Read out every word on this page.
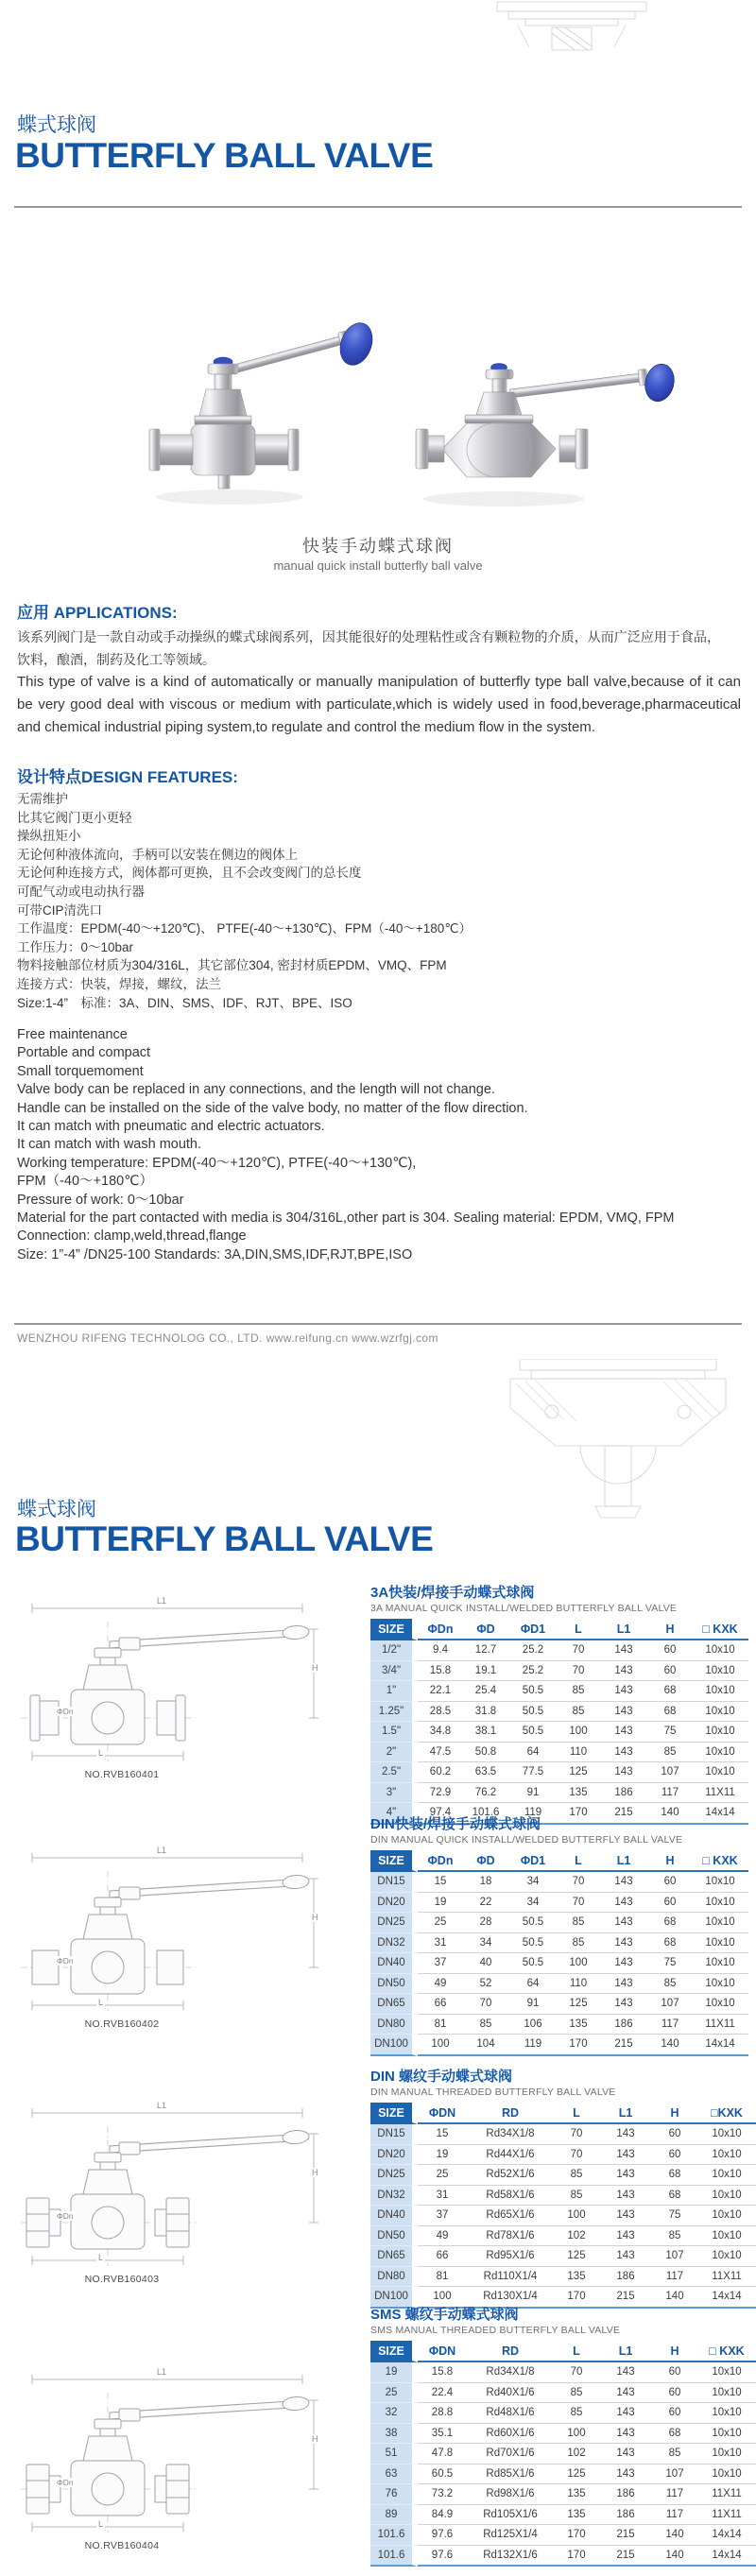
蝶式球阀
BUTTERFLY BALL VALVE
快装手动蝶式球阀
manual quick install butterfly ball valve
应用 APPLICATIONS:
该系列阀门是一款自动或手动操纵的蝶式球阀系列，因其能很好的处理粘性或含有颗粒物的介质，从而广泛应用于食品，饮料，酿酒，制药及化工等领域。
This type of valve is a kind of automatically or manually manipulation of butterfly type ball valve,because of it can be very good deal with viscous or medium with particulate,which is widely used in food,beverage,pharmaceutical and chemical industrial piping system,to regulate and control the medium flow in the system.
设计特点DESIGN FEATURES:
无需维护
比其它阀门更小更轻
操纵扭矩小
无论何种液体流向，手柄可以安装在侧边的阀体上
无论何种连接方式，阀体都可更换，且不会改变阀门的总长度
可配气动或电动执行器
可带CIP清洗口
工作温度：EPDM(-40～+120℃)、 PTFE(-40～+130℃)、FPM（-40～+180℃）
工作压力：0～10bar
物料接触部位材质为304/316L，其它部位304, 密封材质EPDM、VMQ、FPM
连接方式：快装，焊接，螺纹，法兰
Size:1-4”　标准：3A、DIN、SMS、IDF、RJT、BPE、ISO
Free maintenance
Portable and compact
Small torquemoment
Valve body can be replaced in any connections, and the length will not change.
Handle can be installed on the side of the valve body, no matter of the flow direction.
It can match with pneumatic and electric actuators.
It can match with wash mouth.
Working temperature: EPDM(-40～+120℃), PTFE(-40～+130℃),
FPM（-40～+180℃）
Pressure of work: 0～10bar
Material for the part contacted with media is 304/316L,other part is 304. Sealing material: EPDM, VMQ, FPM
Connection: clamp,weld,thread,flange
Size: 1”-4” /DN25-100 Standards: 3A,DIN,SMS,IDF,RJT,BPE,ISO
WENZHOU RIFENG TECHNOLOG CO., LTD. www.reifung.cn www.wzrfgj.com
蝶式球阀
BUTTERFLY BALL VALVE
L1
H
L
ΦDn
NO.RVB160401
L1
H
L
ΦDn
NO.RVB160402
L1
H
L
ΦDn
NO.RVB160403
L1
H
L
ΦDn
NO.RVB160404
3A快装/焊接手动蝶式球阀
3A MANUAL QUICK INSTALL/WELDED BUTTERFLY BALL VALVE
SIZE	ΦDn	ΦD	ΦD1	L	L1	H	□ KXK
1/2"	9.4	12.7	25.2	70	143	60	10x10
3/4"	15.8	19.1	25.2	70	143	60	10x10
1"	22.1	25.4	50.5	85	143	68	10x10
1.25"	28.5	31.8	50.5	85	143	68	10x10
1.5"	34.8	38.1	50.5	100	143	75	10x10
2"	47.5	50.8	64	110	143	85	10x10
2.5"	60.2	63.5	77.5	125	143	107	10x10
3"	72.9	76.2	91	135	186	117	11X11
4"	97.4	101.6	119	170	215	140	14x14
DIN快装/焊接手动蝶式球阀
DIN MANUAL QUICK INSTALL/WELDED BUTTERFLY BALL VALVE
SIZE	ΦDn	ΦD	ΦD1	L	L1	H	□ KXK
DN15	15	18	34	70	143	60	10x10
DN20	19	22	34	70	143	60	10x10
DN25	25	28	50.5	85	143	68	10x10
DN32	31	34	50.5	85	143	68	10x10
DN40	37	40	50.5	100	143	75	10x10
DN50	49	52	64	110	143	85	10x10
DN65	66	70	91	125	143	107	10x10
DN80	81	85	106	135	186	117	11X11
DN100	100	104	119	170	215	140	14x14
DIN 螺纹手动蝶式球阀
DIN MANUAL THREADED BUTTERFLY BALL VALVE
SIZE	ΦDN	RD	L	L1	H	□KXK
DN15	15	Rd34X1/8	70	143	60	10x10
DN20	19	Rd44X1/6	70	143	60	10x10
DN25	25	Rd52X1/6	85	143	68	10x10
DN32	31	Rd58X1/6	85	143	68	10x10
DN40	37	Rd65X1/6	100	143	75	10x10
DN50	49	Rd78X1/6	102	143	85	10x10
DN65	66	Rd95X1/6	125	143	107	10x10
DN80	81	Rd110X1/4	135	186	117	11X11
DN100	100	Rd130X1/4	170	215	140	14x14
SMS 螺纹手动蝶式球阀
SMS MANUAL THREADED BUTTERFLY BALL VALVE
SIZE	ΦDN	RD	L	L1	H	□ KXK
19	15.8	Rd34X1/8	70	143	60	10x10
25	22.4	Rd40X1/6	85	143	60	10x10
32	28.8	Rd48X1/6	85	143	60	10x10
38	35.1	Rd60X1/6	100	143	68	10x10
51	47.8	Rd70X1/6	102	143	85	10x10
63	60.5	Rd85X1/6	125	143	107	10x10
76	73.2	Rd98X1/6	135	186	117	11X11
89	84.9	Rd105X1/6	135	186	117	11X11
101.6	97.6	Rd125X1/4	170	215	140	14x14
101.6	97.6	Rd132X1/6	170	215	140	14x14
